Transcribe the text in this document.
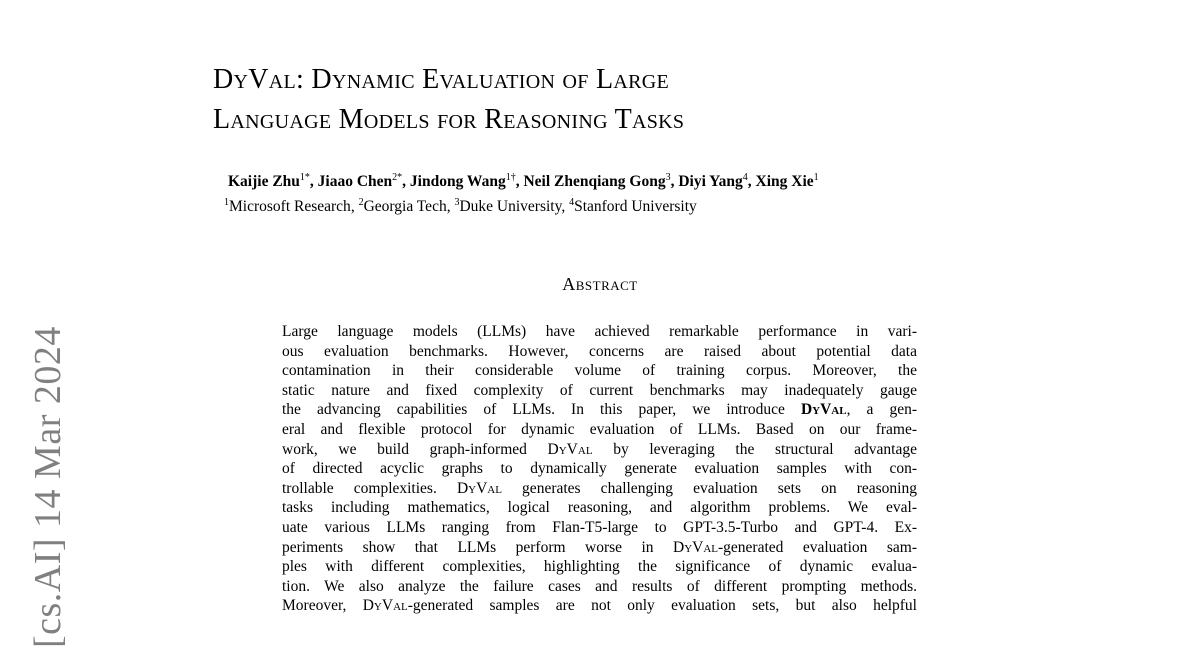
[cs.AI] 14 Mar 2024
DyVal: Dynamic Evaluation of Large
Language Models for Reasoning Tasks
Kaijie Zhu$^{1*}$, Jiaao Chen$^{2*}$, Jindong Wang$^{1\dagger}$, Neil Zhenqiang Gong$^3$, Diyi Yang$^4$, Xing Xie$^1$
$^1$Microsoft Research, $^2$Georgia Tech, $^3$Duke University, $^4$Stanford University
Abstract
Large language models (LLMs) have achieved remarkable performance in vari-
ous evaluation benchmarks. However, concerns are raised about potential data
contamination in their considerable volume of training corpus. Moreover, the
static nature and fixed complexity of current benchmarks may inadequately gauge
the advancing capabilities of LLMs. In this paper, we introduce DyVal, a gen-
eral and flexible protocol for dynamic evaluation of LLMs. Based on our frame-
work, we build graph-informed DyVal by leveraging the structural advantage
of directed acyclic graphs to dynamically generate evaluation samples with con-
trollable complexities. DyVal generates challenging evaluation sets on reasoning
tasks including mathematics, logical reasoning, and algorithm problems. We eval-
uate various LLMs ranging from Flan-T5-large to GPT-3.5-Turbo and GPT-4. Ex-
periments show that LLMs perform worse in DyVal-generated evaluation sam-
ples with different complexities, highlighting the significance of dynamic evalua-
tion. We also analyze the failure cases and results of different prompting methods.
Moreover, DyVal-generated samples are not only evaluation sets, but also helpful
